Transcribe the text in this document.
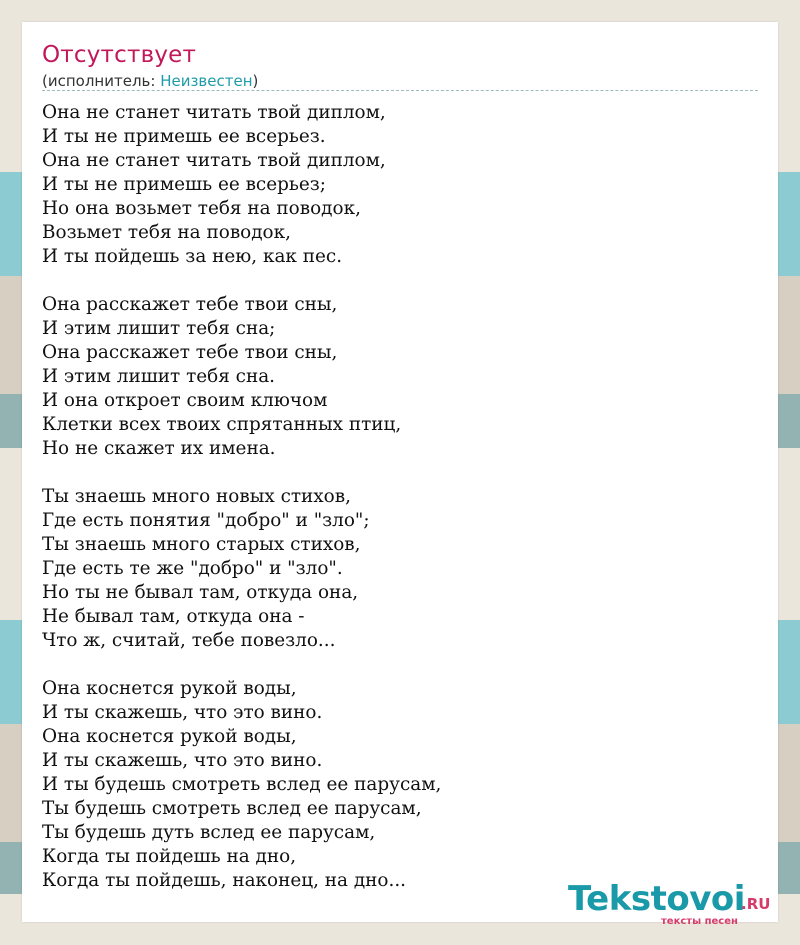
Отсутствует
(исполнитель: Неизвестен)
Она не станет читать твой диплом,
И ты не примешь ее всерьез.
Она не станет читать твой диплом,
И ты не примешь ее всерьез;
Но она возьмет тебя на поводок,
Возьмет тебя на поводок,
И ты пойдешь за нею, как пес.
Она расскажет тебе твои сны,
И этим лишит тебя сна;
Она расскажет тебе твои сны,
И этим лишит тебя сна.
И она откроет своим ключом
Клетки всех твоих спрятанных птиц,
Но не скажет их имена.
Ты знаешь много новых стихов,
Где есть понятия "добро" и "зло";
Ты знаешь много старых стихов,
Где есть те же "добро" и "зло".
Но ты не бывал там, откуда она,
Не бывал там, откуда она -
Что ж, считай, тебе повезло...
Она коснется рукой воды,
И ты скажешь, что это вино.
Она коснется рукой воды,
И ты скажешь, что это вино.
И ты будешь смотреть вслед ее парусам,
Ты будешь смотреть вслед ее парусам,
Ты будешь дуть вслед ее парусам,
Когда ты пойдешь на дно,
Когда ты пойдешь, наконец, на дно...	Tekstovoi
.RU
тексты песен
